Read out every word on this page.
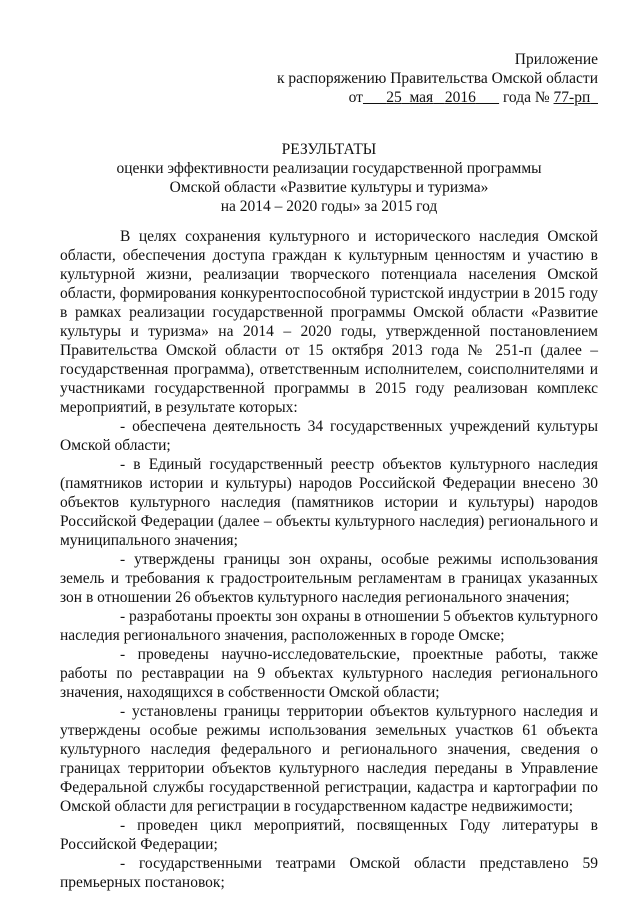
Приложение
к распоряжению Правительства Омской области
от 25 мая 2016 года № 77-рп
РЕЗУЛЬТАТЫ
оценки эффективности реализации государственной программы
Омской области «Развитие культуры и туризма»
на 2014 – 2020 годы» за 2015 год

В целях сохранения культурного и исторического наследия Омской области, обеспечения доступа граждан к культурным ценностям и участию в культурной жизни, реализации творческого потенциала населения Омской области, формирования конкурентоспособной туристской индустрии в 2015 году в рамках реализации государственной программы Омской области «Развитие культуры и туризма» на 2014 – 2020 годы, утвержденной постановлением Правительства Омской области от 15 октября 2013 года № 251-п (далее – государственная программа), ответственным исполнителем, соисполнителями и участниками государственной программы в 2015 году реализован комплекс мероприятий, в результате которых:

- обеспечена деятельность 34 государственных учреждений культуры Омской области;

- в Единый государственный реестр объектов культурного наследия (памятников истории и культуры) народов Российской Федерации внесено 30 объектов культурного наследия (памятников истории и культуры) народов Российской Федерации (далее – объекты культурного наследия) регионального и муниципального значения;

- утверждены границы зон охраны, особые режимы использования земель и требования к градостроительным регламентам в границах указанных зон в отношении 26 объектов культурного наследия регионального значения;

- разработаны проекты зон охраны в отношении 5 объектов культурного наследия регионального значения, расположенных в городе Омске;

- проведены научно-исследовательские, проектные работы, также работы по реставрации на 9 объектах культурного наследия регионального значения, находящихся в собственности Омской области;

- установлены границы территории объектов культурного наследия и утверждены особые режимы использования земельных участков 61 объекта культурного наследия федерального и регионального значения, сведения о границах территории объектов культурного наследия переданы в Управление Федеральной службы государственной регистрации, кадастра и картографии по Омской области для регистрации в государственном кадастре недвижимости;

- проведен цикл мероприятий, посвященных Году литературы в Российской Федерации;

- государственными театрами Омской области представлено 59 премьерных постановок;
